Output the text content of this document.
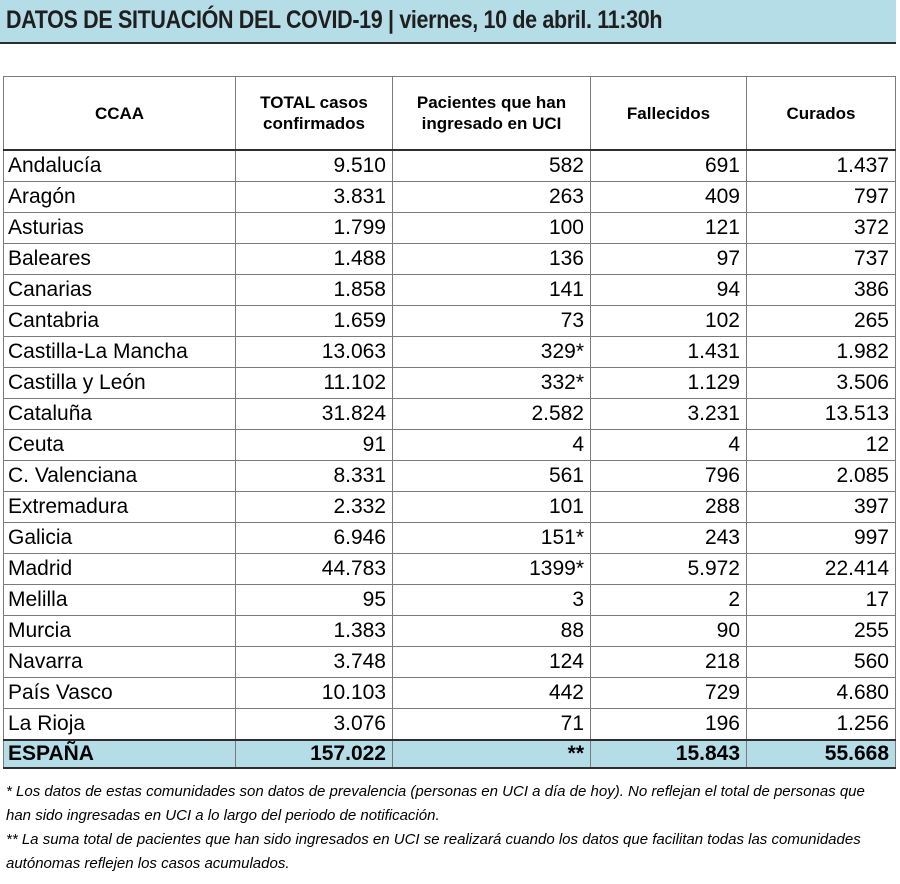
DATOS DE SITUACIÓN DEL COVID-19 | viernes, 10 de abril. 11:30h
CCAA	TOTAL casos confirmados	Pacientes que han ingresado en UCI	Fallecidos	Curados
Andalucía	9.510	582	691	1.437
Aragón	3.831	263	409	797
Asturias	1.799	100	121	372
Baleares	1.488	136	97	737
Canarias	1.858	141	94	386
Cantabria	1.659	73	102	265
Castilla-La Mancha	13.063	329*	1.431	1.982
Castilla y León	11.102	332*	1.129	3.506
Cataluña	31.824	2.582	3.231	13.513
Ceuta	91	4	4	12
C. Valenciana	8.331	561	796	2.085
Extremadura	2.332	101	288	397
Galicia	6.946	151*	243	997
Madrid	44.783	1399*	5.972	22.414
Melilla	95	3	2	17
Murcia	1.383	88	90	255
Navarra	3.748	124	218	560
País Vasco	10.103	442	729	4.680
La Rioja	3.076	71	196	1.256
ESPAÑA	157.022	**	15.843	55.668

* Los datos de estas comunidades son datos de prevalencia (personas en UCI a día de hoy). No reflejan el total de personas que han sido ingresadas en UCI a lo largo del periodo de notificación.

** La suma total de pacientes que han sido ingresados en UCI se realizará cuando los datos que facilitan todas las comunidades autónomas reflejen los casos acumulados.
